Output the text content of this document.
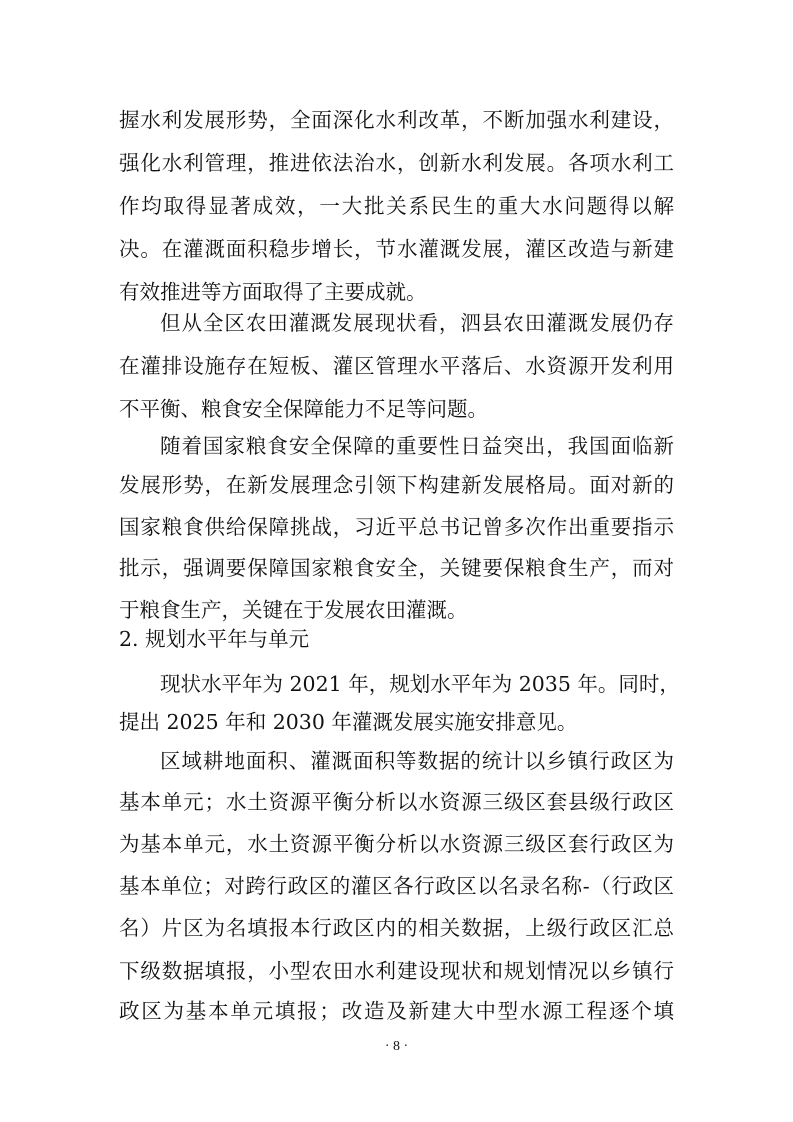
握水利发展形势，全面深化水利改革，不断加强水利建设，
强化水利管理，推进依法治水，创新水利发展。各项水利工
作均取得显著成效，一大批关系民生的重大水问题得以解
决。在灌溉面积稳步增长，节水灌溉发展，灌区改造与新建
有效推进等方面取得了主要成就。
但从全区农田灌溉发展现状看，泗县农田灌溉发展仍存
在灌排设施存在短板、灌区管理水平落后、水资源开发利用
不平衡、粮食安全保障能力不足等问题。
随着国家粮食安全保障的重要性日益突出，我国面临新
发展形势，在新发展理念引领下构建新发展格局。面对新的
国家粮食供给保障挑战，习近平总书记曾多次作出重要指示
批示，强调要保障国家粮食安全，关键要保粮食生产，而对
于粮食生产，关键在于发展农田灌溉。
2. 规划水平年与单元
现状水平年为 2021 年，规划水平年为 2035 年。同时，
提出 2025 年和 2030 年灌溉发展实施安排意见。
区域耕地面积、灌溉面积等数据的统计以乡镇行政区为
基本单元；水土资源平衡分析以水资源三级区套县级行政区
为基本单元，水土资源平衡分析以水资源三级区套行政区为
基本单位；对跨行政区的灌区各行政区以名录名称-（行政区
名）片区为名填报本行政区内的相关数据，上级行政区汇总
下级数据填报，小型农田水利建设现状和规划情况以乡镇行
政区为基本单元填报；改造及新建大中型水源工程逐个填
· 8 ·
